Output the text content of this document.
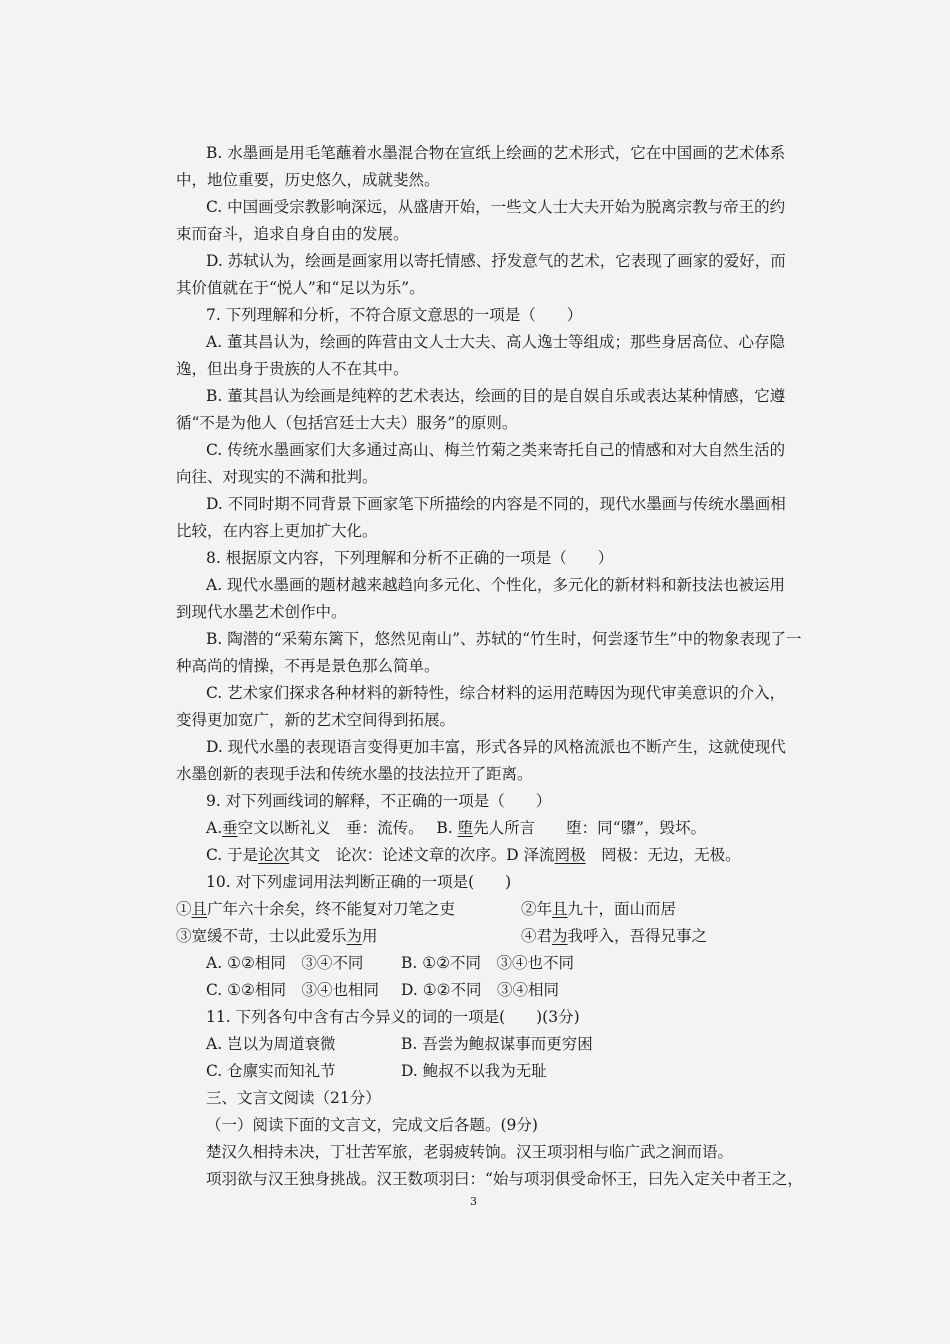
B. 水墨画是用毛笔蘸着水墨混合物在宣纸上绘画的艺术形式，它在中国画的艺术体系
中，地位重要，历史悠久，成就斐然。
C. 中国画受宗教影响深远，从盛唐开始，一些文人士大夫开始为脱离宗教与帝王的约
束而奋斗，追求自身自由的发展。
D. 苏轼认为，绘画是画家用以寄托情感、抒发意气的艺术，它表现了画家的爱好，而
其价值就在于“悦人”和“足以为乐”。
7. 下列理解和分析，不符合原文意思的一项是（　　）
A. 董其昌认为，绘画的阵营由文人士大夫、高人逸士等组成；那些身居高位、心存隐
逸，但出身于贵族的人不在其中。
B. 董其昌认为绘画是纯粹的艺术表达，绘画的目的是自娱自乐或表达某种情感，它遵
循“不是为他人（包括宫廷士大夫）服务”的原则。
C. 传统水墨画家们大多通过高山、梅兰竹菊之类来寄托自己的情感和对大自然生活的
向往、对现实的不满和批判。
D. 不同时期不同背景下画家笔下所描绘的内容是不同的，现代水墨画与传统水墨画相
比较，在内容上更加扩大化。
8. 根据原文内容，下列理解和分析不正确的一项是（　　）
A. 现代水墨画的题材越来越趋向多元化、个性化，多元化的新材料和新技法也被运用
到现代水墨艺术创作中。
B. 陶潜的“采菊东篱下，悠然见南山”、苏轼的“竹生时，何尝逐节生”中的物象表现了一
种高尚的情操，不再是景色那么简单。
C. 艺术家们探求各种材料的新特性，综合材料的运用范畴因为现代审美意识的介入，
变得更加宽广，新的艺术空间得到拓展。
D. 现代水墨的表现语言变得更加丰富，形式各异的风格流派也不断产生，这就使现代
水墨创新的表现手法和传统水墨的技法拉开了距离。
9. 对下列画线词的解释，不正确的一项是（　　）
A.垂空文以断礼义　垂：流传。　 B. 堕先人所言　　堕：同“隳”，毁坏。
C. 于是论次其文　论次：论述文章的次序。D 泽流罔极　罔极：无边，无极。
10. 对下列虚词用法判断正确的一项是(　　)
①且广年六十余矣，终不能复对刀笔之吏	②年且九十，面山而居
③宽缓不苛，士以此爱乐为用	④君为我呼入，吾得兄事之
A. ①②相同　③④不同	B. ①②不同　③④也不同
C. ①②相同　③④也相同	D. ①②不同　③④相同
11. 下列各句中含有古今异义的词的一项是(　　)(3分)
A. 岂以为周道衰微	B. 吾尝为鲍叔谋事而更穷困
C. 仓廪实而知礼节	D. 鲍叔不以我为无耻
三、文言文阅读（21分）
（一）阅读下面的文言文，完成文后各题。(9分)
楚汉久相持未决，丁壮苦军旅，老弱疲转饷。汉王项羽相与临广武之涧而语。
项羽欲与汉王独身挑战。汉王数项羽曰：“始与项羽俱受命怀王，曰先入定关中者王之，
3
